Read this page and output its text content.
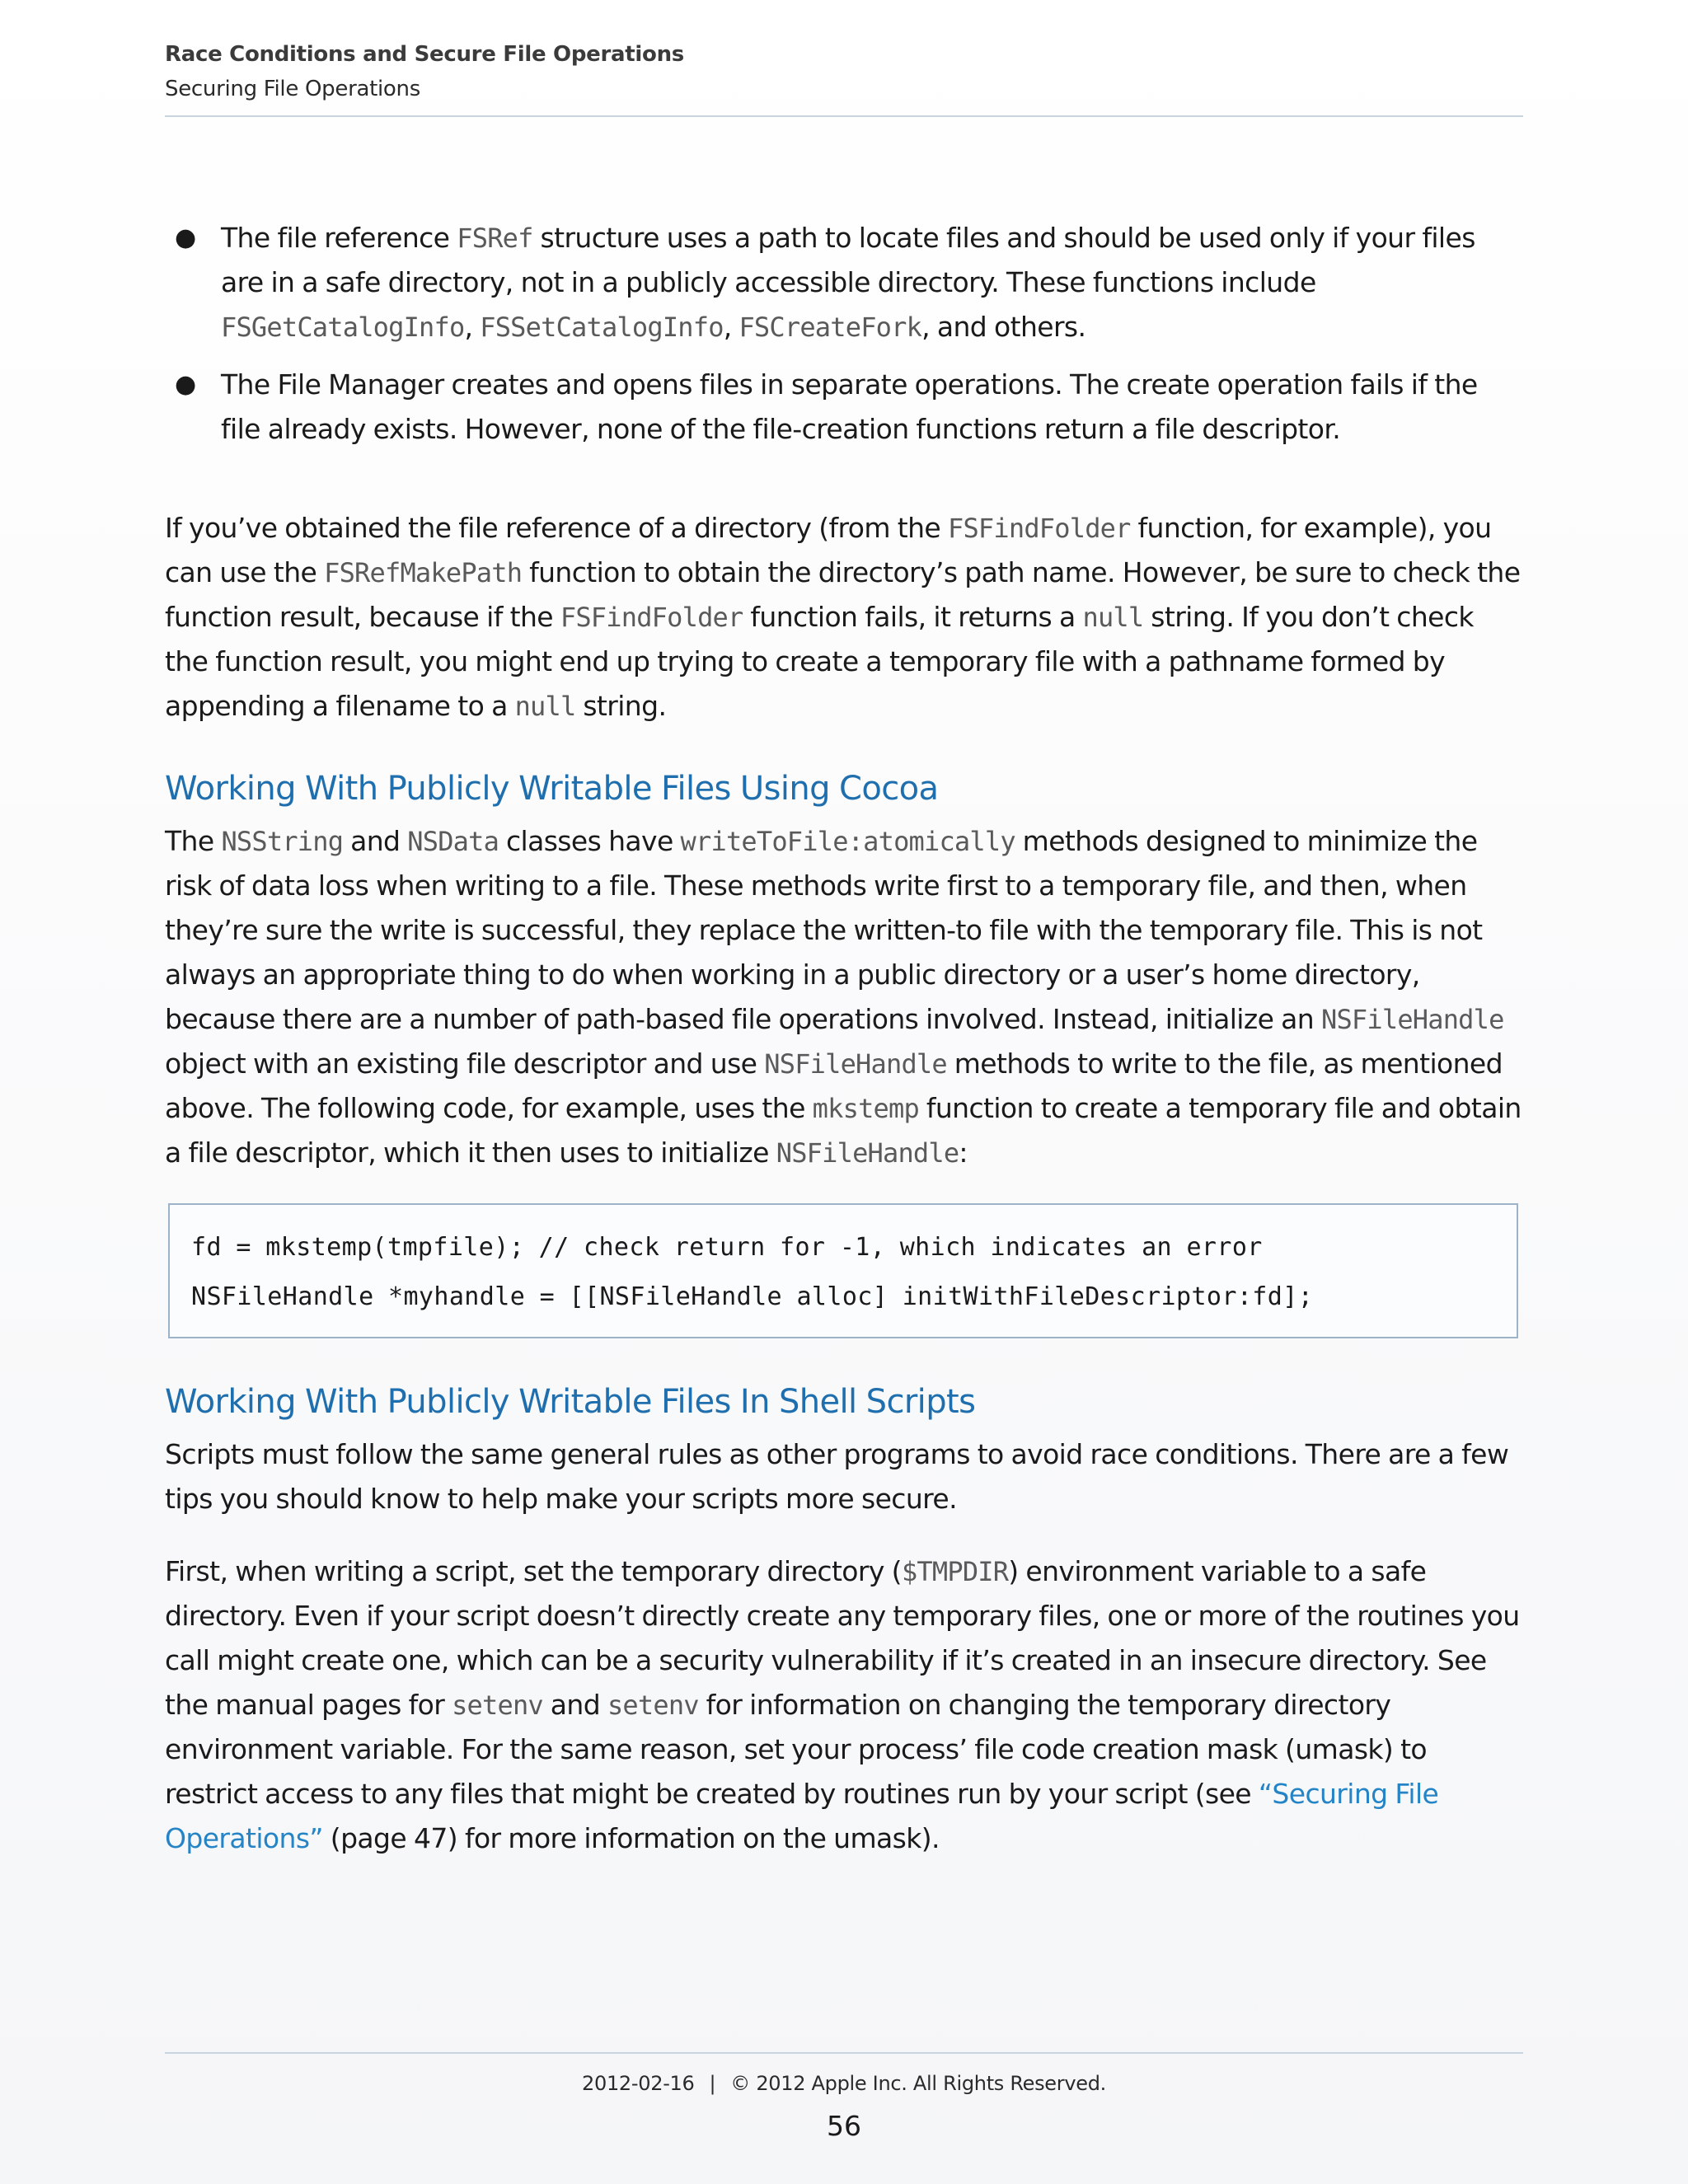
Race Conditions and Secure File Operations
Securing File Operations
● The file reference FSRef structure uses a path to locate files and should be used only if your files are in a safe directory, not in a publicly accessible directory. These functions include FSGetCatalogInfo, FSSetCatalogInfo, FSCreateFork, and others.
● The File Manager creates and opens files in separate operations. The create operation fails if the file already exists. However, none of the file-creation functions return a file descriptor.

If you’ve obtained the file reference of a directory (from the FSFindFolder function, for example), you can use the FSRefMakePath function to obtain the directory’s path name. However, be sure to check the function result, because if the FSFindFolder function fails, it returns a null string. If you don’t check the function result, you might end up trying to create a temporary file with a pathname formed by appending a filename to a null string.

Working With Publicly Writable Files Using Cocoa

The NSString and NSData classes have writeToFile:atomically methods designed to minimize the risk of data loss when writing to a file. These methods write first to a temporary file, and then, when they’re sure the write is successful, they replace the written-to file with the temporary file. This is not always an appropriate thing to do when working in a public directory or a user’s home directory, because there are a number of path-based file operations involved. Instead, initialize an NSFileHandle object with an existing file descriptor and use NSFileHandle methods to write to the file, as mentioned above. The following code, for example, uses the mkstemp function to create a temporary file and obtain a file descriptor, which it then uses to initialize NSFileHandle:

fd = mkstemp(tmpfile); // check return for -1, which indicates an error
NSFileHandle *myhandle = [[NSFileHandle alloc] initWithFileDescriptor:fd];
Working With Publicly Writable Files In Shell Scripts

Scripts must follow the same general rules as other programs to avoid race conditions. There are a few tips you should know to help make your scripts more secure.

First, when writing a script, set the temporary directory ($TMPDIR) environment variable to a safe directory. Even if your script doesn’t directly create any temporary files, one or more of the routines you call might create one, which can be a security vulnerability if it’s created in an insecure directory. See the manual pages for setenv and setenv for information on changing the temporary directory environment variable. For the same reason, set your process’ file code creation mask (umask) to restrict access to any files that might be created by routines run by your script (see “Securing File Operations” (page 47) for more information on the umask).

2012-02-16 | © 2012 Apple Inc. All Rights Reserved.
56
